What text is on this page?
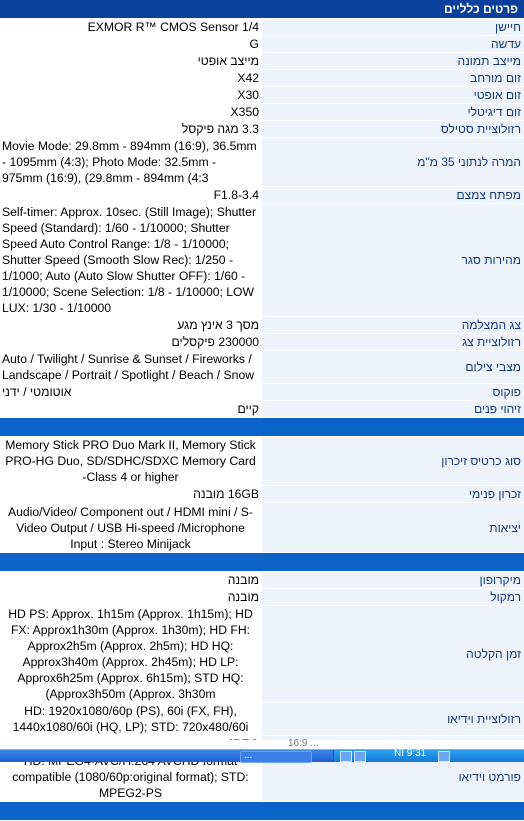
פרטים כלליים	
חיישן	EXMOR R™ CMOS Sensor 1/4
עדשה	G
מייצב תמונה	מייצב אופטי
זום מורחב	X42
זום אופטי	X30
זום דיגיטלי	X350
רזולוציית סטילס	3.3 מגה פיקסל
המרה לנתוני 35 מ"מ	Movie Mode: 29.8mm - 894mm (16:9), 36.5mm - 1095mm (4:3); Photo Mode: 32.5mm - 975mm (16:9), (29.8mm - 894mm (4:3

מפתח צמצם	F1.8-3.4
מהירות סגר	Self-timer: Approx. 10sec. (Still Image); Shutter Speed (Standard): 1/60 - 1/10000; Shutter Speed Auto Control Range: 1/8 - 1/10000; Shutter Speed (Smooth Slow Rec): 1/250 - 1/1000; Auto (Auto Slow Shutter OFF): 1/60 - 1/10000; Scene Selection: 1/8 - 1/10000; LOW LUX: 1/30 - 1/10000

צג המצלמה	מסך 3 אינץ מגע
רזולוציית צג	230000 פיקסלים
מצבי צילום	Auto / Twilight / Sunrise & Sunset / Fireworks / Landscape / Portrait / Spotlight / Beach / Snow

פוקוס	אוטומטי / ידני
זיהוי פנים	קיים

סוג כרטיס זיכרון	Memory Stick PRO Duo Mark II, Memory Stick PRO-HG Duo, SD/SDHC/SDXC Memory Card -Class 4 or higher
זכרון פנימי	16GB מובנה
יציאות	Audio/Video/ Component out / HDMI mini / S-Video Output / USB Hi-speed /Microphone Input : Stereo Minijack

מיקרופון	מובנה
רמקול	מובנה
זמן הקלטה	HD PS: Approx. 1h15m (Approx. 1h15m); HD FX: Approx1h30m (Approx. 1h30m); HD FH: Approx2h5m (Approx. 2h5m); HD HQ: Approx3h40m (Approx. 2h45m); HD LP: Approx6h25m (Approx. 6h15m); STD HQ: (Approx3h50m (Approx. 3h30m
רזולוציית וידיאו	HD: 1920x1080/60p (PS), 60i (FX, FH), 1440x1080/60i (HQ, LP); STD: 720x480/60i

פורמט וידיאו	compatible (1080/60p:original format); STD: MPEG2-PS

16:9 ...
...	NI 9:31
